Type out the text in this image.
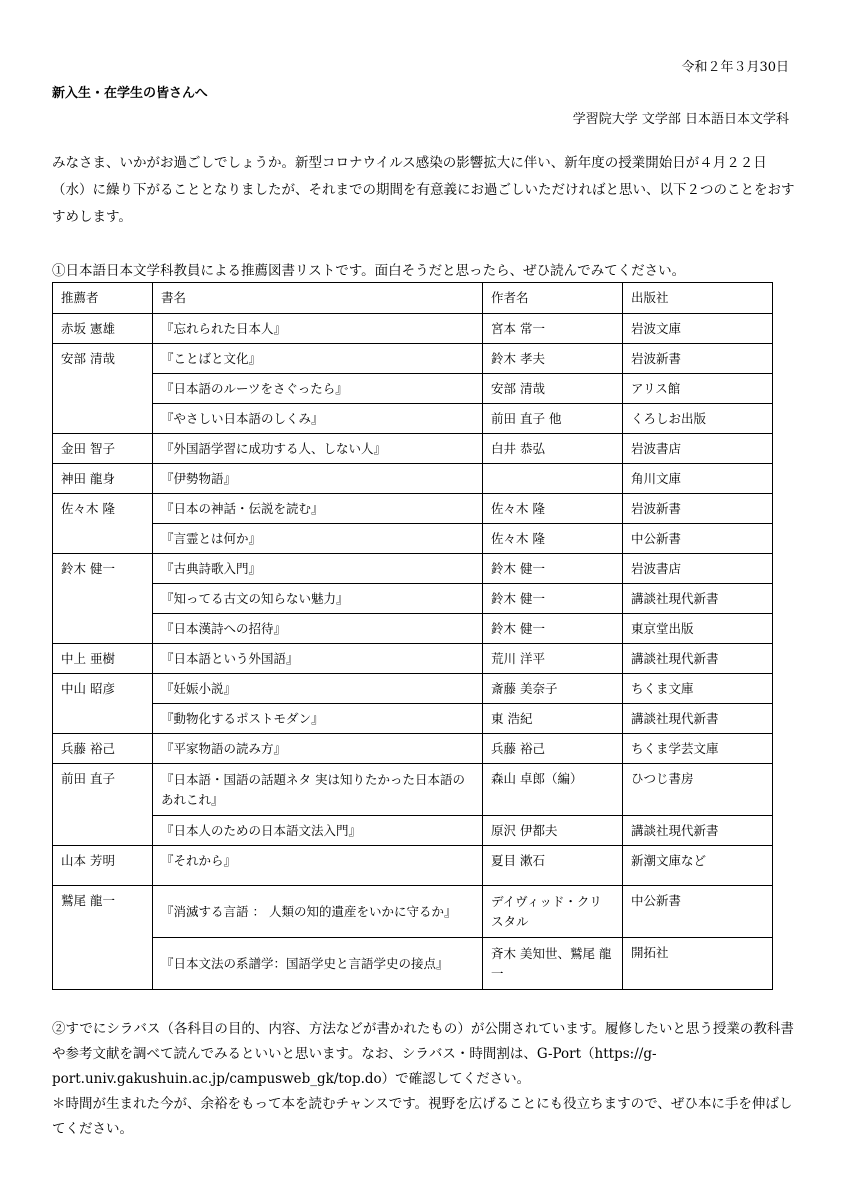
令和２年３月30日
新入生・在学生の皆さんへ
学習院大学 文学部 日本語日本文学科

みなさま、いかがお過ごしでしょうか。新型コロナウイルス感染の影響拡大に伴い、新年度の授業開始日が４月２２日（水）に繰り下がることとなりましたが、それまでの期間を有意義にお過ごしいただければと思い、以下２つのことをおすすめします。

①日本語日本文学科教員による推薦図書リストです。面白そうだと思ったら、ぜひ読んでみてください。
推薦者	書名	作者名	出版社
赤坂 憲雄	『忘れられた日本人』	宮本 常一	岩波文庫
安部 清哉	『ことばと文化』	鈴木 孝夫	岩波新書
	『日本語のルーツをさぐったら』	安部 清哉	アリス館
	『やさしい日本語のしくみ』	前田 直子 他	くろしお出版
金田 智子	『外国語学習に成功する人、しない人』	白井 恭弘	岩波書店
神田 龍身	『伊勢物語』		角川文庫
佐々木 隆	『日本の神話・伝説を読む』	佐々木 隆	岩波新書
	『言霊とは何か』	佐々木 隆	中公新書
鈴木 健一	『古典詩歌入門』	鈴木 健一	岩波書店
	『知ってる古文の知らない魅力』	鈴木 健一	講談社現代新書
	『日本漢詩への招待』	鈴木 健一	東京堂出版
中上 亜樹	『日本語という外国語』	荒川 洋平	講談社現代新書
中山 昭彦	『妊娠小説』	斎藤 美奈子	ちくま文庫
	『動物化するポストモダン』	東 浩紀	講談社現代新書
兵藤 裕己	『平家物語の読み方』	兵藤 裕己	ちくま学芸文庫
前田 直子	『日本語・国語の話題ネタ 実は知りたかった日本語のあれこれ』	森山 卓郎（編）	ひつじ書房
	『日本人のための日本語文法入門』	原沢 伊都夫	講談社現代新書
山本 芳明	『それから』	夏目 漱石	新潮文庫など
鷲尾 龍一	『消滅する言語 ： 人類の知的遺産をいかに守るか』	デイヴィッド・クリスタル	中公新書
	『日本文法の系譜学：国語学史と言語学史の接点』	斉木 美知世、鷲尾 龍一	開拓社

②すでにシラバス（各科目の目的、内容、方法などが書かれたもの）が公開されています。履修したいと思う授業の教科書や参考文献を調べて読んでみるといいと思います。なお、シラバス・時間割は、G-Port（https://g-port.univ.gakushuin.ac.jp/campusweb_gk/top.do）で確認してください。

＊時間が生まれた今が、余裕をもって本を読むチャンスです。視野を広げることにも役立ちますので、ぜひ本に手を伸ばしてください。
